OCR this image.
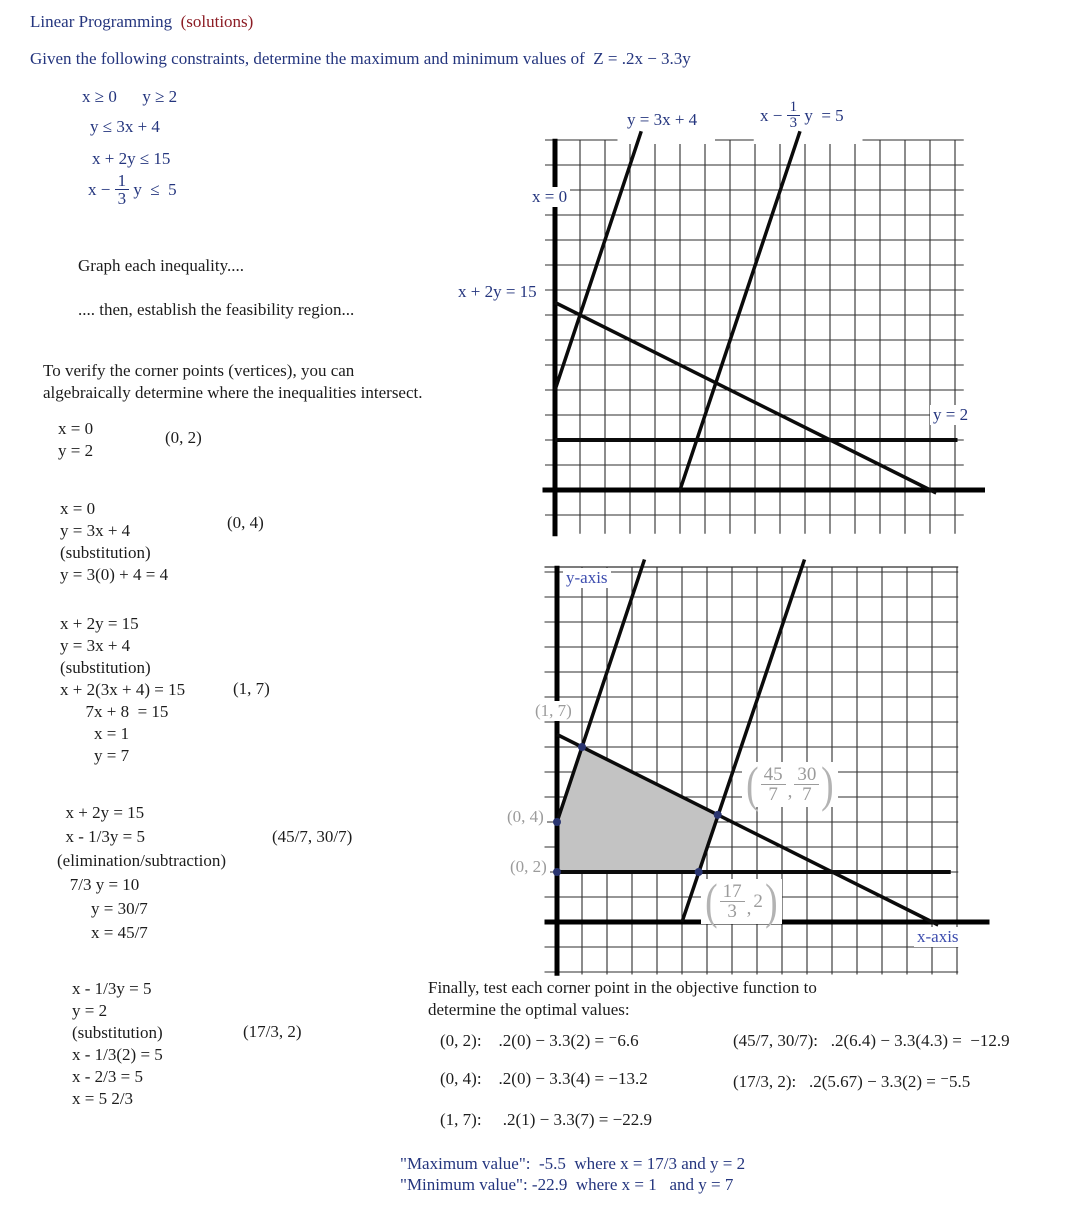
Linear Programming  (solutions)
Given the following constraints, determine the maximum and minimum values of  Z = .2x − 3.3y
x ≥ 0      y ≥ 2
y ≤ 3x + 4
x + 2y ≤ 15
$x - \frac{1}{3}$ y  ≤  5
Graph each inequality....
.... then, establish the feasibility region...
To verify the corner points (vertices), you can
algebraically determine where the inequalities intersect.
x = 0
y = 2
(0, 2)
x = 0
y = 3x + 4
(substitution)
y = 3(0) + 4 = 4
(0, 4)
x + 2y = 15
y = 3x + 4
(substitution)
x + 2(3x + 4) = 15
7x + 8  = 15
x = 1
y = 7
(1, 7)
x + 2y = 15
x - 1/3y = 5
(elimination/subtraction)
7/3 y = 10
y = 30/7
x = 45/7
(45/7, 30/7)
x - 1/3y = 5
y = 2
(substitution)
x - 1/3(2) = 5
x - 2/3 = 5
x = 5 2/3
(17/3, 2)
y = 3x + 4	$x - \frac{1}{3}$ y  = 5
x = 0
x + 2y = 15
y = 2
y-axis
x-axis
(1, 7)
(0, 4)
(0, 2)
( $\frac{45}{7}$ , $\frac{30}{7}$ )
( $\frac{17}{3}$ , 2 )
Finally, test each corner point in the objective function to
determine the optimal values:
(0, 2):    .2(0) − 3.3(2) = ⁻6.6
(0, 4):    .2(0) − 3.3(4) = −13.2
(1, 7):     .2(1) − 3.3(7) = −22.9
(45/7, 30/7):   .2(6.4) − 3.3(4.3) =  −12.9
(17/3, 2):   .2(5.67) − 3.3(2) = ⁻5.5
"Maximum value":  -5.5  where x = 17/3 and y = 2
"Minimum value": -22.9  where x = 1   and y = 7
